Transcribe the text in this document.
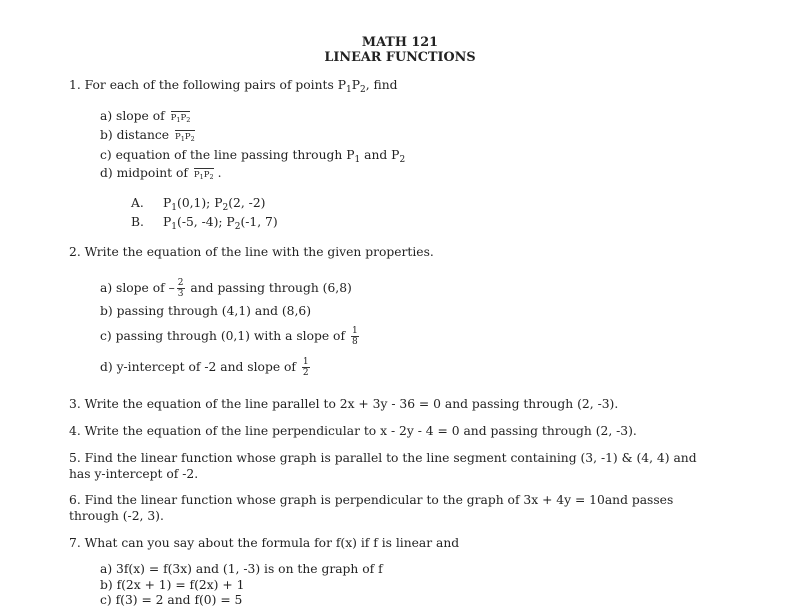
MATH 121
LINEAR FUNCTIONS
1. For each of the following pairs of points $P_1P_2$, find
a) slope of $P_1P_2$
b) distance $P_1P_2$
c) equation of the line passing through $P_1$ and $P_2$
d) midpoint of $P_1P_2$ .
A. $P_1(0,1)$; $P_2(2$, -2)
B. $P_1(-5$, -4); $P_2(-1$, 7)
2. Write the equation of the line with the given properties.
a) slope of – $\frac{2}{3}$ and passing through (6,8)
b) passing through (4,1) and (8,6)
c) passing through (0,1) with a slope of $\frac{1}{8}$
d) y-intercept of -2 and slope of $\frac{1}{2}$
3. Write the equation of the line parallel to 2x + 3y - 36 = 0 and passing through (2, -3).
4. Write the equation of the line perpendicular to x - 2y - 4 = 0 and passing through (2, -3).
5. Find the linear function whose graph is parallel to the line segment containing (3, -1) & (4, 4) and
has y-intercept of -2.
6. Find the linear function whose graph is perpendicular to the graph of 3x + 4y = 10and passes
through (-2, 3).
7. What can you say about the formula for f(x) if f is linear and
a) 3f(x) = f(3x) and (1, -3) is on the graph of f
b) f(2x + 1) = f(2x) + 1
c) f(3) = 2 and f(0) = 5
